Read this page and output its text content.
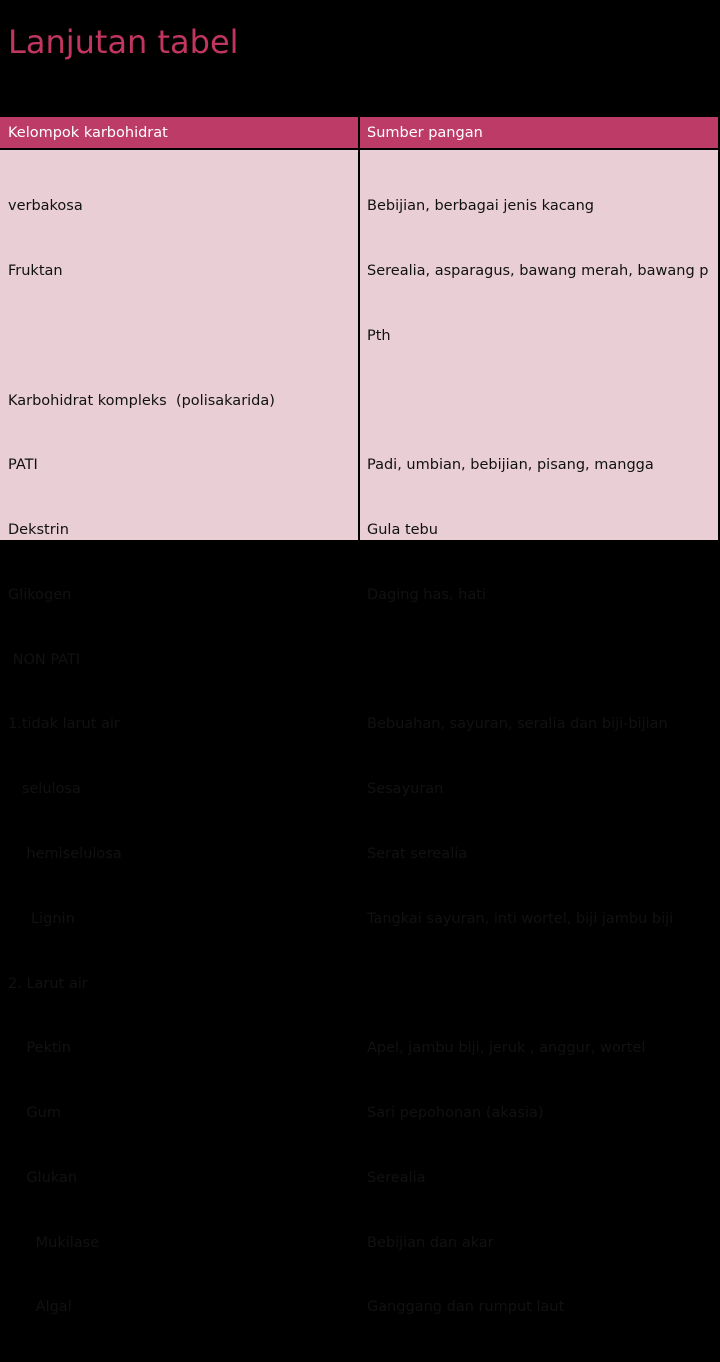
Lanjutan tabel
Kelompok karbohidrat	Sumber pangan

verbakosa

Fruktan

Karbohidrat kompleks  (polisakarida)

PATI

Dekstrin

Glikogen

NON PATI

1.tidak larut air

selulosa

hemiselulosa

Lignin

2. Larut air

Pektin

Gum

Glukan

Mukilase

Algal

Bebijian, berbagai jenis kacang

Serealia, asparagus, bawang merah, bawang p

Pth

Padi, umbian, bebijian, pisang, mangga

Gula tebu

Daging has, hati

Bebuahan, sayuran, seralia dan biji-bijian

Sesayuran

Serat serealia

Tangkai sayuran, inti wortel, biji jambu biji

Apel, jambu biji, jeruk , anggur, wortel

Sari pepohonan (akasia)

Serealia

Bebijian dan akar

Ganggang dan rumput laut
